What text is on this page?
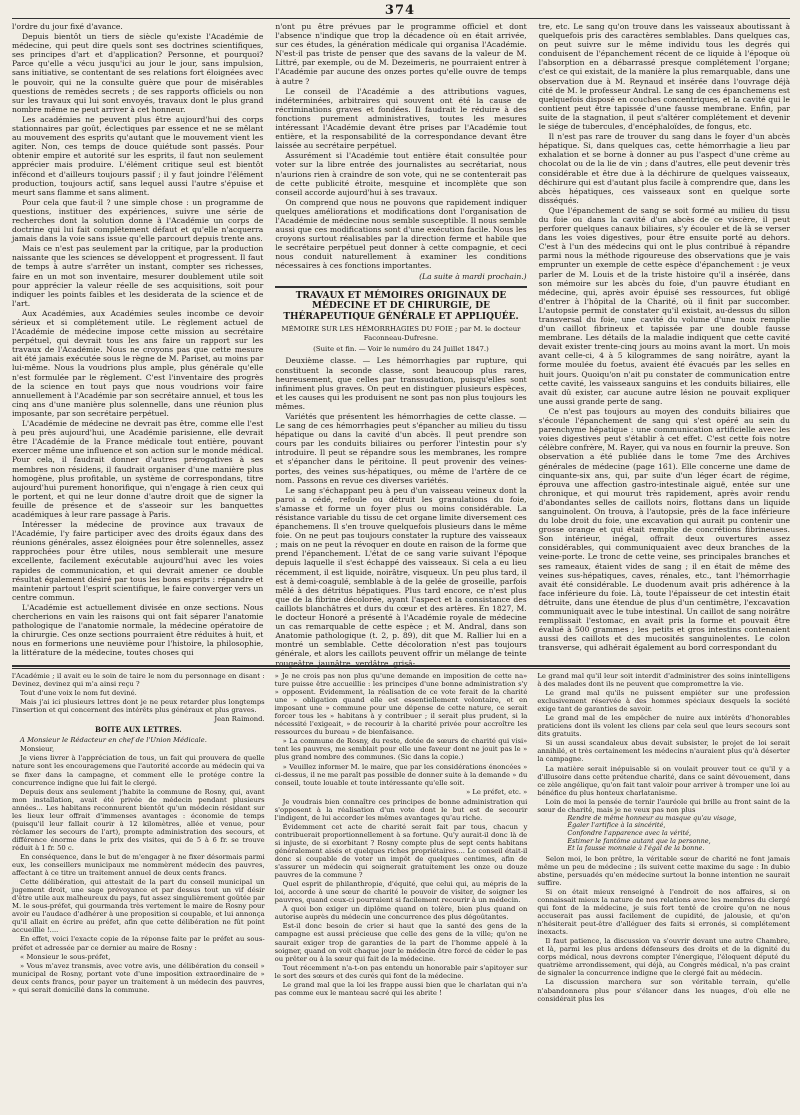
374

l'ordre du jour fixé d'avance.

Depuis bientôt un tiers de siècle qu'existe l'Académie de médecine, qui peut dire quels sont ses doctrines scientifiques, ses principes d'art et d'application? Personne, et pourquoi? Parce qu'elle a vécu jusqu'ici au jour le jour, sans impulsion, sans initiative, se contentant de ses relations fort éloignées avec le pouvoir, qui ne la consulte guère que pour de misérables questions de remèdes secrets ; de ses rapports officiels ou non sur les travaux qui lui sont envoyés, travaux dont le plus grand nombre même ne peut arriver à cet honneur.

Les académies ne peuvent plus être aujourd'hui des corps stationnaires par goût, éclectiques par essence et ne se mêlant au mouvement des esprits qu'autant que le mouvement vient les agiter. Non, ces temps de douce quiétude sont passés. Pour obtenir empire et autorité sur les esprits, il faut non seulement apprécier mais produire. L'élément critique seul est bientôt infécond et d'ailleurs toujours passif ; il y faut joindre l'élément production, toujours actif, sans lequel aussi l'autre s'épuise et meurt sans flamme et sans aliment.

Pour cela que faut-il ? une simple chose : un programme de questions, instituer des expériences, suivre une série de recherches dont la solution donne à l'Académie un corps de doctrine qui lui fait complétement défaut et qu'elle n'acquerra jamais dans la voie sans issue qu'elle parcourt depuis trente ans.

Mais ce n'est pas seulement par la critique, par la production naissante que les sciences se développent et progressent. Il faut de temps à autre s'arrêter un instant, compter ses richesses, faire en un mot son inventaire, mesurer doublement utile soit pour apprécier la valeur réelle de ses acquisitions, soit pour indiquer les points faibles et les desiderata de la science et de l'art.

Aux Académies, aux Académies seules incombe ce devoir sérieux et si complétement utile. Le règlement actuel de l'Académie de médecine impose cette mission au secrétaire perpétuel, qui devrait tous les ans faire un rapport sur les travaux de l'Académie. Nous ne croyons pas que cette mesure ait été jamais exécutée sous le règne de M. Pariset, au moins par lui-même. Nous la voudrions plus ample, plus générale qu'elle n'est formulée par le règlement. C'est l'inventaire des progrès de la science en tout pays que nous voudrions voir faire annuellement à l'Académie par son secrétaire annuel, et tous les cinq ans d'une manière plus solennelle, dans une réunion plus imposante, par son secrétaire perpétuel.

L'Académie de médecine ne devrait pas être, comme elle l'est à peu près aujourd'hui, une Académie parisienne, elle devrait être l'Académie de la France médicale tout entière, pouvant exercer même une influence et son action sur le monde médical. Pour cela, il faudrait donner d'autres prérogatives à ses membres non résidens, il faudrait organiser d'une manière plus homogène, plus profitable, un système de correspondans, titre aujourd'hui purement honorifique, qui n'engage à rien ceux qui le portent, et qui ne leur donne d'autre droit que de signer la feuille de présence et de s'asseoir sur les banquettes académiques à leur rare passage à Paris.

Intéresser la médecine de province aux travaux de l'Académie, l'y faire participer avec des droits égaux dans des réunions générales, assez éloignées pour être solennelles, assez rapprochées pour être utiles, nous semblerait une mesure excellente, facilement exécutable aujourd'hui avec les voies rapides de communication, et qui devrait amener ce double résultat également désiré par tous les bons esprits : répandre et maintenir partout l'esprit scientifique, le faire converger vers un centre commun.

L'Académie est actuellement divisée en onze sections. Nous chercherions en vain les raisons qui ont fait séparer l'anatomie pathologique de l'anatomie normale, la médecine opératoire de la chirurgie. Ces onze sections pourraient être réduites à huit, et nous en formerions une neuvième pour l'histoire, la philosophie, la littérature de la médecine, toutes choses qui

n'ont pu être prévues par le programme officiel et dont l'absence n'indique que trop la décadence où en était arrivée, sur ces études, la génération médicale qui organisa l'Académie. N'est-il pas triste de penser que des savans de la valeur de M. Littré, par exemple, ou de M. Dezeimeris, ne pourraient entrer à l'Académie par aucune des onzes portes qu'elle ouvre de temps à autre ?

Le conseil de l'Académie a des attributions vagues, indéterminées, arbitraires qui souvent ont été la cause de récriminations graves et fondées. Il faudrait le réduire à des fonctions purement administratives, toutes les mesures intéressant l'Académie devant être prises par l'Académie tout entière, et la responsabilité de la correspondance devant être laissée au secrétaire perpétuel.

Assurément si l'Académie tout entière était consultée pour voter sur la libre entrée des journalistes au secrétariat, nous n'aurions rien à craindre de son vote, qui ne se contenterait pas de cette publicité étroite, mesquine et incomplète que son conseil accorde aujourd'hui à ses travaux.

On comprend que nous ne pouvons que rapidement indiquer quelques améliorations et modifications dont l'organisation de l'Académie de médecine nous semble susceptible. Il nous semble aussi que ces modifications sont d'une exécution facile. Nous les croyons surtout réalisables par la direction ferme et habile que le secrétaire perpétuel peut donner à cette compagnie, et ceci nous conduit naturellement à examiner les conditions nécessaires à ces fonctions importantes.

(La suite à mardi prochain.)
TRAVAUX ET MÉMOIRES ORIGINAUX DE MÉDECINE ET DE CHIRURGIE, DE THÉRAPEUTIQUE GÉNÉRALE ET APPLIQUÉE.
MÉMOIRE SUR LES HÉMORRHAGIES DU FOIE ; par M. le docteur Faconneau-Dufresne.
(Suite et fin. — Voir le numéro du 24 Juillet 1847.)

Deuxième classe. — Les hémorrhagies par rupture, qui constituent la seconde classe, sont beaucoup plus rares, heureusement, que celles par transsudation, puisqu'elles sont infiniment plus graves. On peut en distinguer plusieurs espèces, et les causes qui les produisent ne sont pas non plus toujours les mêmes.

Variétés que présentent les hémorrhagies de cette classe. — Le sang de ces hémorrhagies peut s'épancher au milieu du tissu hépatique ou dans la cavité d'un abcès. Il peut prendre son cours par les conduits biliaires ou perforer l'intestin pour s'y introduire. Il peut se répandre sous les membranes, les rompre et s'épancher dans le péritoine. Il peut provenir des veines-portes, des veines sus-hépatiques, ou même de l'artère de ce nom. Passons en revue ces diverses variétés.

Le sang s'échappant peu à peu d'un vaisseau veineux dont la paroi a cédé, refoule ou détruit les granulations du foie, s'amasse et forme un foyer plus ou moins considérable. La résistance variable du tissu de cet organe limite diversement ces épanchemens. Il s'en trouve quelquefois plusieurs dans le même foie. On ne peut pas toujours constater la rupture des vaisseaux ; mais on ne peut la révoquer en doute en raison de la forme que prend l'épanchement. L'état de ce sang varie suivant l'époque depuis laquelle il s'est échappé des vaisseaux. Si cela a eu lieu récemment, il est liquide, noirâtre, visqueux. Un peu plus tard, il est à demi-coagulé, semblable à de la gelée de groseille, parfois mêlé à des détritus hépatiques. Plus tard encore, ce n'est plus que de la fibrine décolorée, ayant l'aspect et la consistance des caillots blanchâtres et durs du cœur et des artères. En 1827, M. le docteur Honoré a présenté à l'Académie royale de médecine un cas remarquable de cette espèce ; et M. Andral, dans son Anatomie pathologique (t. 2, p. 89), dit que M. Rallier lui en a montré un semblable. Cette décoloration n'est pas toujours générale, et alors les caillots peuvent offrir un mélange de teinte rougeâtre, jaunâtre, verdâtre, grisâ-

tre, etc. Le sang qu'on trouve dans les vaisseaux aboutissant à quelquefois pris des caractères semblables. Dans quelques cas, on peut suivre sur le même individu tous les degrés qui conduisent de l'épanchement récent de ce liquide à l'époque où l'absorption en a débarrassé presque complétement l'organe; c'est ce qui existait, de la manière la plus remarquable, dans une observation due à M. Reynaud et insérée dans l'ouvrage déjà cité de M. le professeur Andral. Le sang de ces épanchemens est quelquefois disposé en couches concentriques, et la cavité qui le contient peut être tapissée d'une fausse membrane. Enfin, par suite de la stagnation, il peut s'altérer complétement et devenir le siége de tubercules, d'encéphaloïdes, de fongus, etc.

Il n'est pas rare de trouver du sang dans le foyer d'un abcès hépatique. Si, dans quelques cas, cette hémorrhagie a lieu par exhalation et se borne à donner au pus l'aspect d'une crème au chocolat ou de la lie de vin ; dans d'autres, elle peut devenir très considérable et être due à la déchirure de quelques vaisseaux, déchirure qui est d'autant plus facile à comprendre que, dans les abcès hépatiques, ces vaisseaux sont en quelque sorte disséqués.

Que l'épanchement de sang se soit formé au milieu du tissu du foie ou dans la cavité d'un abcès de ce viscère, il peut perforer quelques canaux biliaires, s'y écouler et de là se verser dans les voies digestives, pour être ensuite porté au dehors. C'est à l'un des médecins qui ont le plus contribué à répandre parmi nous la méthode rigoureuse des observations que je vais emprunter un exemple de cette espèce d'épanchement : je veux parler de M. Louis et de la triste histoire qu'il a insérée, dans son mémoire sur les abcès du foie, d'un pauvre étudiant en médecine, qui, après avoir épuisé ses ressources, fut obligé d'entrer à l'hôpital de la Charité, où il finit par succomber. L'autopsie permit de constater qu'il existait, au-dessus du sillon transversal du foie, une cavité du volume d'une noix remplie d'un caillot fibrineux et tapissée par une double fausse membrane. Les détails de la maladie indiquent que cette cavité devait exister trente-cinq jours au moins avant la mort. Un mois avant celle-ci, 4 à 5 kilogrammes de sang noirâtre, ayant la forme moulée du foetus, avaient été évacués par les selles en huit jours. Quoiqu'on n'ait pu constater de communication entre cette cavité, les vaisseaux sanguins et les conduits biliaires, elle avait dû exister, car aucune autre lésion ne pouvait expliquer une aussi grande perte de sang.

Ce n'est pas toujours au moyen des conduits biliaires que s'écoule l'épanchement de sang qui s'est opéré au sein du parenchyme hépatique : une communication artificielle avec les voies digestives peut s'établir à cet effet. C'est cette fois notre célèbre confrère, M. Rayer, qui va nous en fournir la preuve. Son observation a été publiée dans le tome 7me des Archives générales de médecine (page 161). Elle concerne une dame de cinquante-six ans, qui, par suite d'un léger écart de régime, éprouva une affection gastro-intestinale aiguë, entée sur une chronique, et qui mourut très rapidement, après avoir rendu d'abondantes selles de caillots noirs, flottans dans un liquide sanguinolent. On trouva, à l'autopsie, près de la face inférieure du lobe droit du foie, une excavation qui aurait pu contenir une grosse orange et qui était remplie de concrétions fibrineuses. Son intérieur, inégal, offrait deux ouvertures assez considérables, qui communiquaient avec deux branches de la veine-porte. Le tronc de cette veine, ses principales branches et ses rameaux, étaient vides de sang ; il en était de même des veines sus-hépatiques, caves, rénales, etc., tant l'hémorrhagie avait été considérable. Le duodenum avait pris adhérence à la face inférieure du foie. Là, toute l'épaisseur de cet intestin était détruite, dans une étendue de plus d'un centimètre, l'excavation communiquait avec le tube intestinal. Un caillot de sang noirâtre remplissait l'estomac, en avait pris la forme et pouvait être évalué à 500 grammes ; les petits et gros intestins contenaient aussi des caillots et des mucosités sanguinolentes. Le colon transverse, qui adhérait également au bord correspondant du

l'Académie ; il avait eu le soin de taire le nom du personnage en disant : Devinez, devinez qui m'a ainsi reçu ?

Tout d'une voix le nom fut deviné.

Mais j'ai ici plusieurs lettres dont je ne peux retarder plus longtemps l'insertion et qui concernent des intérêts plus généraux et plus graves.

Jean Raimond.
BOITE AUX LETTRES.

A Monsieur le Rédacteur en chef de l'Union Médicale.

Monsieur,

Je viens livrer à l'appréciation de tous, un fait qui prouvera de quelle nature sont les encouragemens que l'autorité accorde au médecin qui va se fixer dans la campagne, et comment elle le protége contre la concurrence indigne que lui fait le clergé.

Depuis deux ans seulement j'habite la commune de Rosny, qui, avant mon installation, avait été privée de médecin pendant plusieurs années... Les habitans reconnurent bientôt qu'un médecin résidant sur les lieux leur offrait d'immenses avantages : économie de temps (puisqu'il leur fallait courir à 12 kilomètres, allée et venue, pour réclamer les secours de l'art), prompte administration des secours, et différence énorme dans le prix des visites, qui de 5 à 6 fr. se trouve réduit à 1 fr. 50 c.

En conséquence, dans le but de m'engager à ne fixer désormais parmi eux, les conseillers municipaux me nommèrent médecin des pauvres, affectant à ce titre un traitement annuel de deux cents francs.

Cette délibération, qui attestait de la part du conseil municipal un jugement droit, une sage prévoyance et par dessus tout un vif désir d'être utile aux malheureux du pays, fut assez singulièrement goûtée par M. le sous-préfet, qui gourmanda très vertement le maire de Rosny pour avoir eu l'audace d'adhérer à une proposition si coupable, et lui annonça qu'il allait en écrire au préfet, afin que cette délibération ne fût point accueillie !....

En effet, voici l'exacte copie de la réponse faite par le préfet au sous-préfet et adressée par ce dernier au maire de Rosny :

« Monsieur le sous-préfet,

» Vous m'avez transmis, avec votre avis, une délibération du conseil » municipal de Rosny, portant vote d'une imposition extraordinaire de » deux cents francs, pour payer un traitement à un médecin des pauvres, » qui serait domicilié dans la commune.

» Je ne crois pas non plus qu'une demande en imposition de cette na» ture puisse être accueillie : les principes d'une bonne administration s'y » opposent. Évidemment, la réalisation de ce vote ferait de la charité une » obligation quand elle est essentiellement volontaire, et en imposant une » commune pour une dépense de cette nature, ce serait forcer tous les » habitans à y contribuer ; il serait plus prudent, si la nécessité l'exigeait, » de recourir à la charité privée pour accroître les ressources du bureau » de bienfaisance.

» La commune de Rosny, du reste, dotée de sœurs de charité qui visi» tent les pauvres, me semblait pour elle une faveur dont ne jouit pas le » plus grand nombre des communes. (Sic dans la copie.)

» Veuillez informer M. le maire, que par les considérations énoncées » ci-dessus, il ne me paraît pas possible de donner suite à la demande » du conseil, toute louable et toute intéressante qu'elle soit.

» Le préfet, etc. »

Je voudrais bien connaître ces principes de bonne administration qui s'opposent à la réalisation d'un vote dont le but est de secourir l'indigent, de lui accorder les mêmes avantages qu'au riche.

Évidemment cet acte de charité serait fait par tous, chacun y contribuerait proportionnellement à sa fortune. Qu'y aurait-il donc là de si injuste, de si exorbitant ? Rosny compte plus de sept cents habitans généralement aisés et quelques riches propriétaires.... Le conseil était-il donc si coupable de voter un impôt de quelques centimes, afin de s'assurer un médecin qui soignerait gratuitement les onze ou douze pauvres de la commune ?

Quel esprit de philanthropie, d'équité, que celui qui, au mépris de la loi, accorde à une sœur de charité le pouvoir de visiter, de soigner les pauvres, quand ceux-ci pourraient si facilement recourir à un médecin.

À quoi bon exiger un diplôme quand on tolère, bien plus quand on autorise auprès du médecin une concurrence des plus dégoûtantes.

Est-il donc besoin de crier si haut que la santé des gens de la campagne est aussi précieuse que celle des gens de la ville; qu'on ne saurait exiger trop de garanties de la part de l'homme appelé à la soigner, quand on voit chaque jour le médecin être forcé de céder le pas ou prêter ou à la sœur qui fait de la médecine.

Tout récemment n'a-t-on pas entendu un honorable pair s'apitoyer sur le sort des sœurs et des curés qui font de la médecine.

Le grand mal que la loi les frappe aussi bien que le charlatan qui n'a pas comme eux le manteau sacré qui les abrite !

Le grand mal qu'il leur soit interdit d'administrer des soins inintelligens à des malades dont ils ne peuvent que compromettre la vie.

Le grand mal qu'ils ne puissent empiéter sur une profession exclusivement réservée à des hommes spéciaux desquels la société exige tant de garanties de savoir.

Le grand mal de les empêcher de nuire aux intérêts d'honorables praticiens dont ils volent les cliens par cela seul que leurs secours sont dits gratuits.

Si un aussi scandaleux abus devait subsister, le projet de loi serait annihilé, et très certainement les médecins n'auraient plus qu'à déserter la campagne.

La matière serait inépuisable si on voulait prouver tout ce qu'il y a d'illusoire dans cette prétendue charité, dans ce saint dévouement, dans ce zèle angélique, qu'on fait tant valoir pour arriver à tromper une loi au bénéfice du plus honteux charlatanisme.

Loin de moi la pensée de ternir l'auréole qui brille au front saint de la sœur de charité, mais je ne veux pas non plus

Rendre de même honneur au masque qu'au visage,
Égaler l'artifice à la sincérité,
Confondre l'apparence avec la vérité,
Estimer le fantôme autant que la personne,
Et la fausse monnaie à l'égal de la bonne.

Selon moi, le bon prêtre, la véritable sœur de charité ne font jamais même un peu de médecine ; ils suivent cette maxime du sage : In dubio abstine, persuadés qu'en médecine surtout la bonne intention ne saurait suffire.

Si on était mieux renseigné à l'endroit de nos affaires, si on connaissait mieux la nature de nos relations avec les membres du clergé qui font de la médecine, je suis fort tenté de croire qu'on ne nous accuserait pas aussi facilement de cupidité, de jalousie, et qu'on n'hésiterait peut-être d'alléguer des faits si erronés, si complétement inexacts.

Il faut patience, la discussion va s'ouvrir devant une autre Chambre, et là, parmi les plus ardens défenseurs des droits et de la dignité du corps médical, nous devrons compter l'énergique, l'éloquent député du quatrième arrondissement, qui déjà, au Congrès médical, n'a pas craint de signaler la concurrence indigne que le clergé fait au médecin.

La discussion marchera sur son véritable terrain, qu'elle n'abandonnera plus pour s'élancer dans les nuages, d'où elle ne considérait plus les
